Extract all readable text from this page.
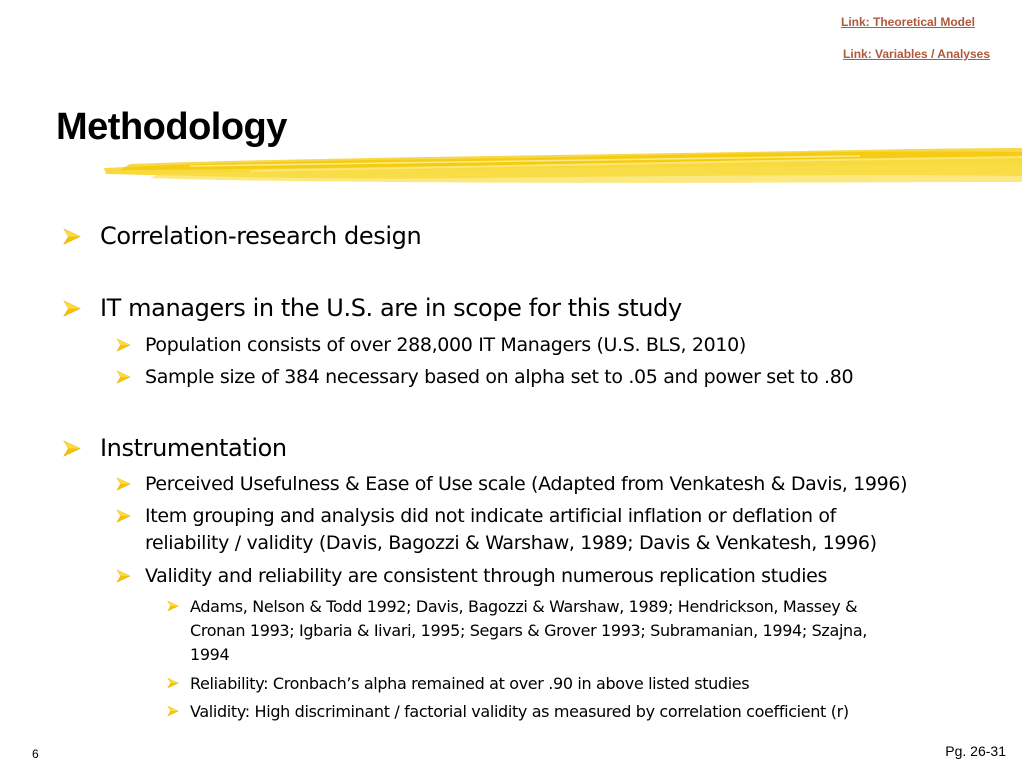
Link: Theoretical Model
Link: Variables / Analyses
Methodology

Correlation-research design

IT managers in the U.S. are in scope for this study

Population consists of over 288,000 IT Managers (U.S. BLS, 2010)

Sample size of 384 necessary based on alpha set to .05 and power set to .80

Instrumentation

Perceived Usefulness & Ease of Use scale (Adapted from Venkatesh & Davis, 1996)

Item grouping and analysis did not indicate artificial inflation or deflation of

reliability / validity (Davis, Bagozzi & Warshaw, 1989; Davis & Venkatesh, 1996)

Validity and reliability are consistent through numerous replication studies

Adams, Nelson & Todd 1992; Davis, Bagozzi & Warshaw, 1989; Hendrickson, Massey &

Cronan 1993; Igbaria & Iivari, 1995; Segars & Grover 1993; Subramanian, 1994; Szajna,

1994

Reliability: Cronbach’s alpha remained at over .90 in above listed studies

Validity: High discriminant / factorial validity as measured by correlation coefficient (r)

6	Pg. 26-31
